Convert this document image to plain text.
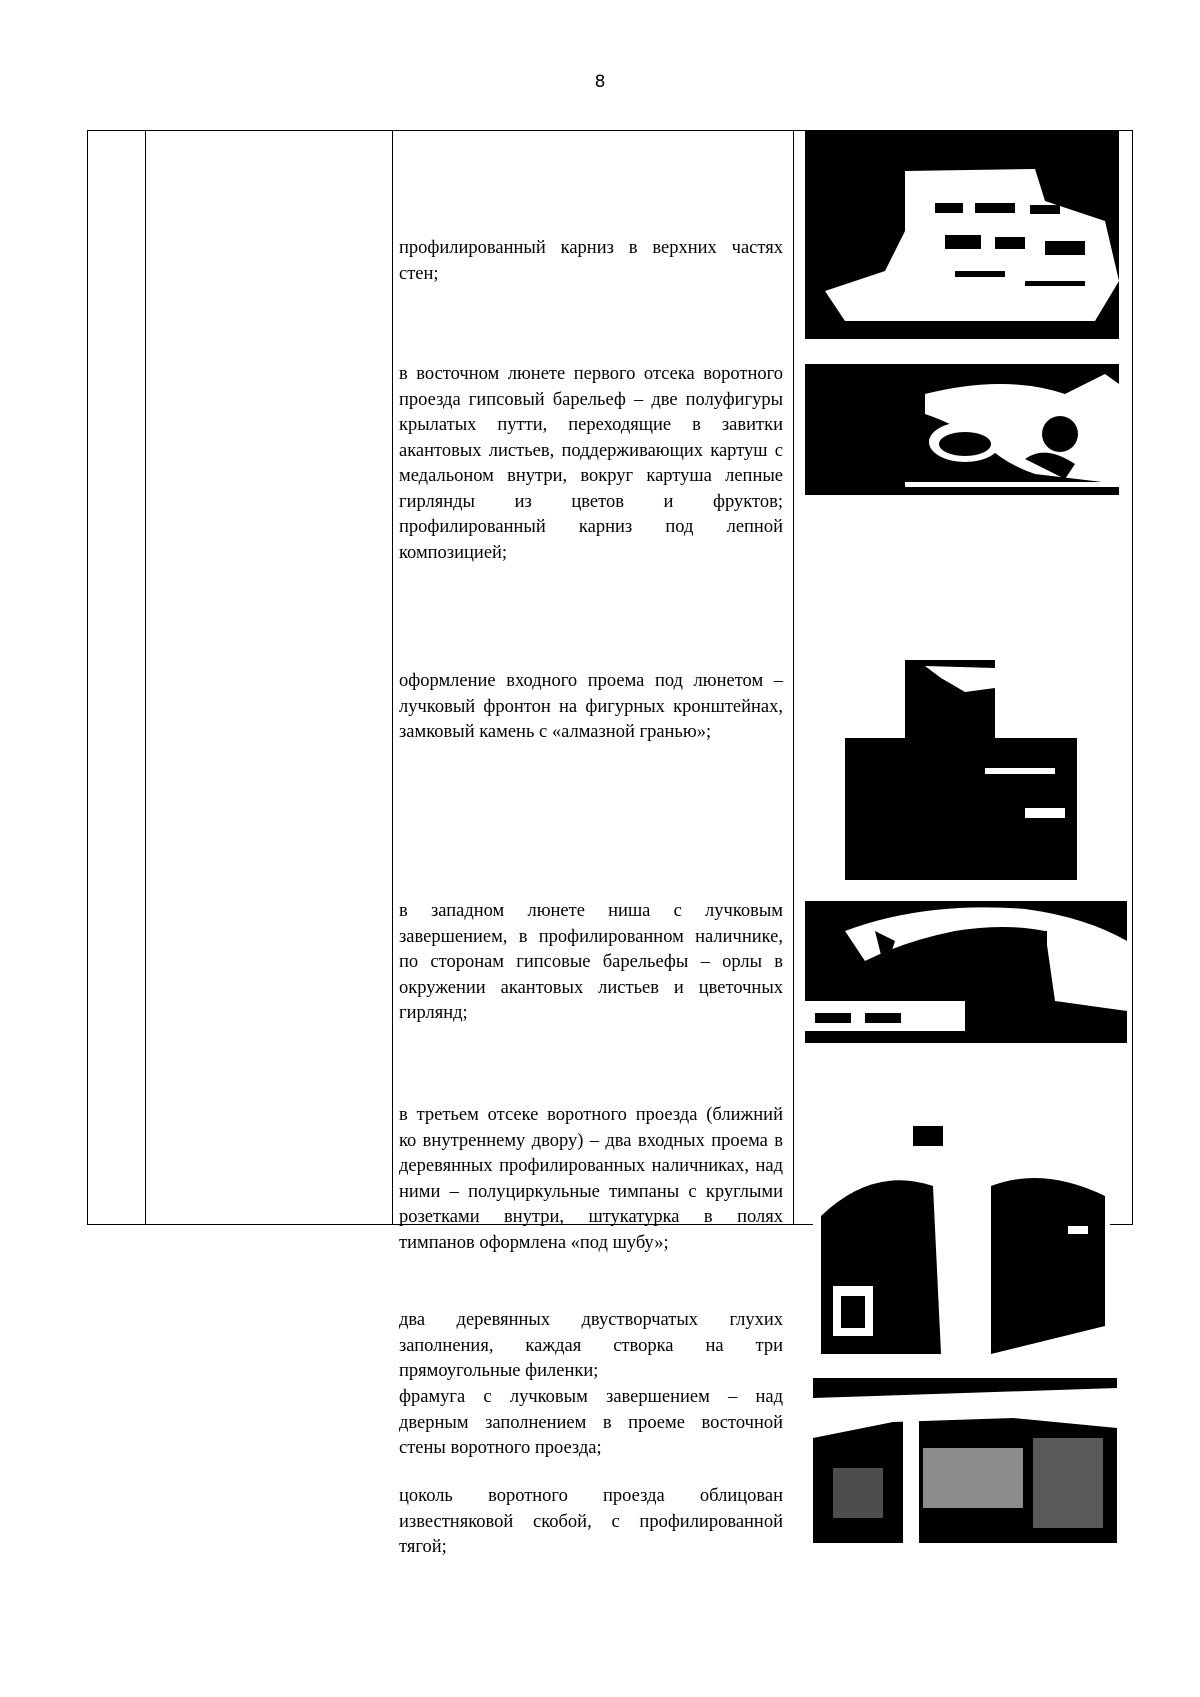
8
профилированный карниз в верхних частях стен;
в восточном люнете первого отсека воротного проезда гипсовый барельеф – две полуфигуры крылатых путти, переходящие в завитки акантовых листьев, поддерживающих картуш с медальоном внутри, вокруг картуша лепные гирлянды из цветов и фруктов; профилированный карниз под лепной композицией;
оформление входного проема под люнетом – лучковый фронтон на фигурных кронштейнах, замковый камень с «алмазной гранью»;
в западном люнете ниша с лучковым завершением, в профилированном наличнике, по сторонам гипсовые барельефы – орлы в окружении акантовых листьев и цветочных гирлянд;
в третьем отсеке воротного проезда (ближний ко внутреннему двору) – два входных проема в деревянных профилированных наличниках, над ними – полуциркульные тимпаны с круглыми розетками внутри, штукатурка в полях тимпанов оформлена «под шубу»;
два деревянных двустворчатых глухих заполнения, каждая створка на три прямоугольные филенки;
фрамуга с лучковым завершением – над дверным заполнением в проеме восточной стены воротного проезда;
цоколь воротного проезда облицован известняковой скобой, с профилированной тягой;
